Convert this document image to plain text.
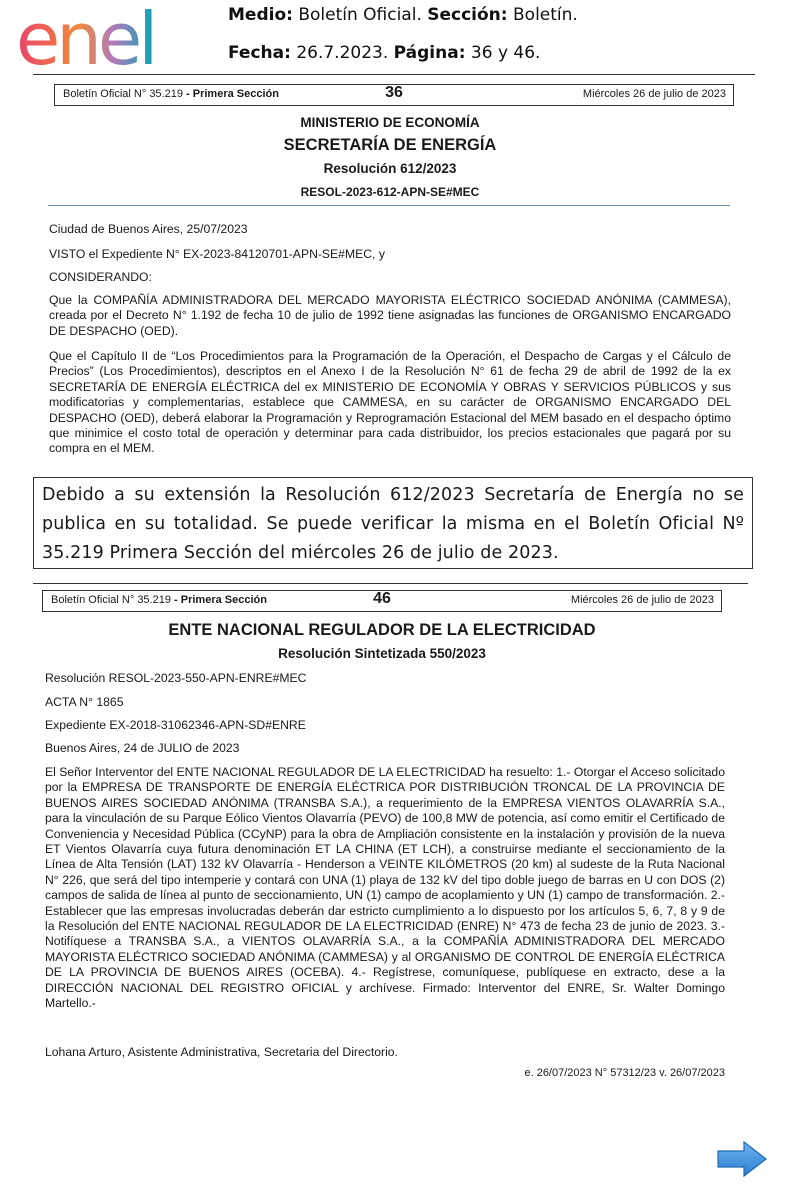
enel	Medio: Boletín Oficial. Sección: Boletín.
Fecha: 26.7.2023. Página: 36 y 46.
Boletín Oficial N° 35.219 - Primera Sección	36	Miércoles 26 de julio de 2023
MINISTERIO DE ECONOMÍA
SECRETARÍA DE ENERGÍA
Resolución 612/2023
RESOL-2023-612-APN-SE#MEC
Ciudad de Buenos Aires, 25/07/2023
VISTO el Expediente N° EX-2023-84120701-APN-SE#MEC, y
CONSIDERANDO:
Que la COMPAÑÍA ADMINISTRADORA DEL MERCADO MAYORISTA ELÉCTRICO SOCIEDAD ANÓNIMA (CAMMESA), creada por el Decreto N° 1.192 de fecha 10 de julio de 1992 tiene asignadas las funciones de ORGANISMO ENCARGADO DE DESPACHO (OED).
Que el Capítulo II de “Los Procedimientos para la Programación de la Operación, el Despacho de Cargas y el Cálculo de Precios” (Los Procedimientos), descriptos en el Anexo I de la Resolución N° 61 de fecha 29 de abril de 1992 de la ex SECRETARÍA DE ENERGÍA ELÉCTRICA del ex MINISTERIO DE ECONOMÍA Y OBRAS Y SERVICIOS PÚBLICOS y sus modificatorias y complementarias, establece que CAMMESA, en su carácter de ORGANISMO ENCARGADO DEL DESPACHO (OED), deberá elaborar la Programación y Reprogramación Estacional del MEM basado en el despacho óptimo que minimice el costo total de operación y determinar para cada distribuidor, los precios estacionales que pagará por su compra en el MEM.
Debido a su extensión la Resolución 612/2023 Secretaría de Energía no se publica en su totalidad. Se puede verificar la misma en el Boletín Oficial Nº 35.219 Primera Sección del miércoles 26 de julio de 2023.
Boletín Oficial N° 35.219 - Primera Sección	46	Miércoles 26 de julio de 2023
ENTE NACIONAL REGULADOR DE LA ELECTRICIDAD
Resolución Sintetizada 550/2023
Resolución RESOL-2023-550-APN-ENRE#MEC
ACTA N° 1865
Expediente EX-2018-31062346-APN-SD#ENRE
Buenos Aires, 24 de JULIO de 2023
El Señor Interventor del ENTE NACIONAL REGULADOR DE LA ELECTRICIDAD ha resuelto: 1.- Otorgar el Acceso solicitado por la EMPRESA DE TRANSPORTE DE ENERGÍA ELÉCTRICA POR DISTRIBUCIÓN TRONCAL DE LA PROVINCIA DE BUENOS AIRES SOCIEDAD ANÓNIMA (TRANSBA S.A.), a requerimiento de la EMPRESA VIENTOS OLAVARRÍA S.A., para la vinculación de su Parque Eólico Vientos Olavarría (PEVO) de 100,8 MW de potencia, así como emitir el Certificado de Conveniencia y Necesidad Pública (CCyNP) para la obra de Ampliación consistente en la instalación y provisión de la nueva ET Vientos Olavarría cuya futura denominación ET LA CHINA (ET LCH), a construirse mediante el seccionamiento de la Línea de Alta Tensión (LAT) 132 kV Olavarría - Henderson a VEINTE KILÓMETROS (20 km) al sudeste de la Ruta Nacional N° 226, que será del tipo intemperie y contará con UNA (1) playa de 132 kV del tipo doble juego de barras en U con DOS (2) campos de salida de línea al punto de seccionamiento, UN (1) campo de acoplamiento y UN (1) campo de transformación. 2.- Establecer que las empresas involucradas deberán dar estricto cumplimiento a lo dispuesto por los artículos 5, 6, 7, 8 y 9 de la Resolución del ENTE NACIONAL REGULADOR DE LA ELECTRICIDAD (ENRE) N° 473 de fecha 23 de junio de 2023. 3.- Notifíquese a TRANSBA S.A., a VIENTOS OLAVARRÍA S.A., a la COMPAÑÍA ADMINISTRADORA DEL MERCADO MAYORISTA ELÉCTRICO SOCIEDAD ANÓNIMA (CAMMESA) y al ORGANISMO DE CONTROL DE ENERGÍA ELÉCTRICA DE LA PROVINCIA DE BUENOS AIRES (OCEBA). 4.- Regístrese, comuníquese, publíquese en extracto, dese a la DIRECCIÓN NACIONAL DEL REGISTRO OFICIAL y archívese. Firmado: Interventor del ENRE, Sr. Walter Domingo Martello.-
Lohana Arturo, Asistente Administrativa, Secretaria del Directorio.
e. 26/07/2023 N° 57312/23 v. 26/07/2023
